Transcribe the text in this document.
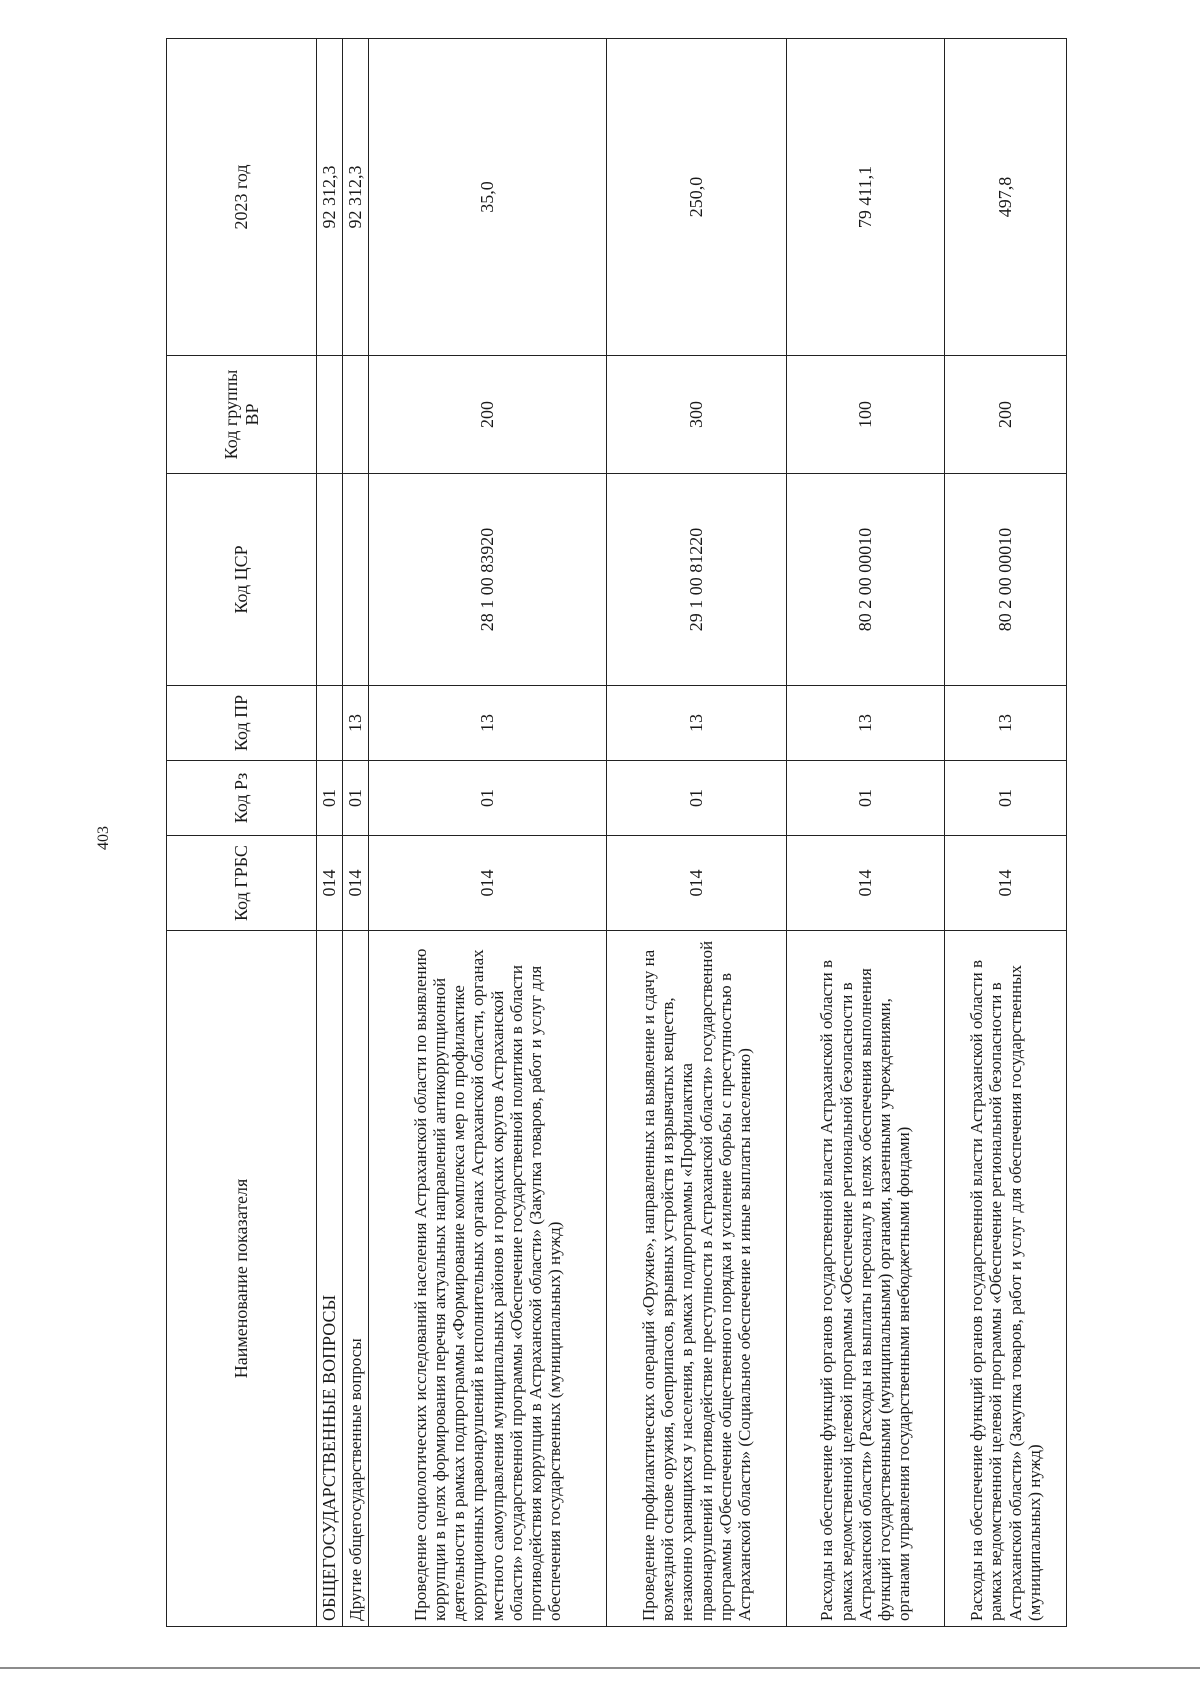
403
Наименование показателя	Код ГРБС	Код Рз	Код ПР	Код ЦСР	Код группы ВР	2023 год
ОБЩЕГОСУДАРСТВЕННЫЕ ВОПРОСЫ	014	01				92 312,3
Другие общегосударственные вопросы	014	01	13			92 312,3
Проведение социологических исследований населения Астраханской области по выявлению коррупции в целях формирования перечня актуальных направлений антикоррупционной деятельности в рамках подпрограммы «Формирование комплекса мер по профилактике коррупционных правонарушений в исполнительных органах Астраханской области, органах местного самоуправления муниципальных районов и городских округов Астраханской области» государственной программы «Обеспечение государственной политики в области противодействия коррупции в Астраханской области» (Закупка товаров, работ и услуг для обеспечения государственных (муниципальных) нужд)	014	01	13	28 1 00 83920	200	35,0
Проведение профилактических операций «Оружие», направленных на выявление и сдачу на возмездной основе оружия, боеприпасов, взрывных устройств и взрывчатых веществ, незаконно хранящихся у населения, в рамках подпрограммы «Профилактика правонарушений и противодействие преступности в Астраханской области» государственной программы «Обеспечение общественного порядка и усиление борьбы с преступностью в Астраханской области» (Социальное обеспечение и иные выплаты населению)	014	01	13	29 1 00 81220	300	250,0
Расходы на обеспечение функций органов государственной власти Астраханской области в рамках ведомственной целевой программы «Обеспечение региональной безопасности в Астраханской области» (Расходы на выплаты персоналу в целях обеспечения выполнения функций государственными (муниципальными) органами, казенными учреждениями, органами управления государственными внебюджетными фондами)	014	01	13	80 2 00 00010	100	79 411,1
Расходы на обеспечение функций органов государственной власти Астраханской области в рамках ведомственной целевой программы «Обеспечение региональной безопасности в Астраханской области» (Закупка товаров, работ и услуг для обеспечения государственных (муниципальных) нужд)	014	01	13	80 2 00 00010	200	497,8
